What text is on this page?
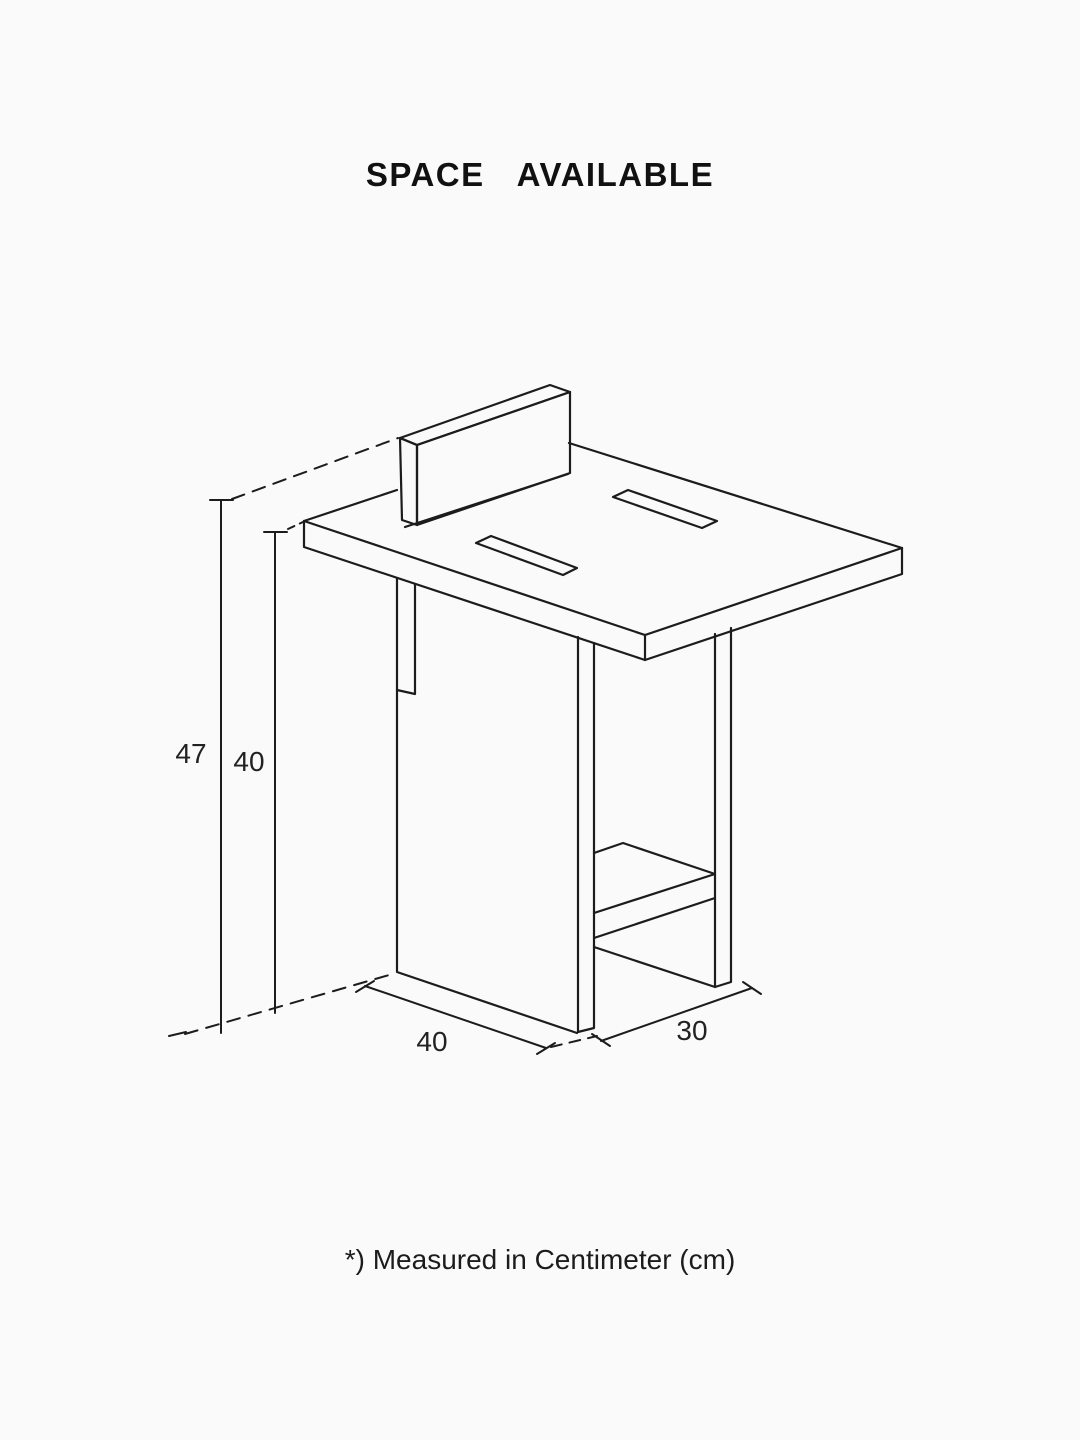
SPACE AVAILABLE
47 40
40	30
*) Measured in Centimeter (cm)
